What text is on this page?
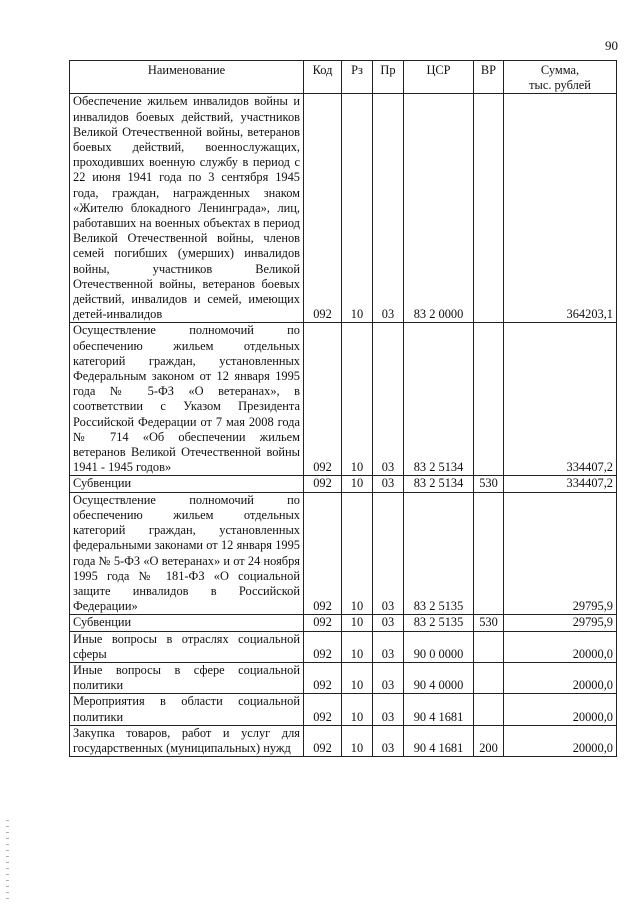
90
Наименование	Код	Рз	Пр	ЦСР	ВР	Сумма,
тыс. рублей
Обеспечение жильем инвалидов войны и инвалидов боевых действий, участников Великой Отечественной войны, ветеранов боевых действий, военнослужащих, проходивших военную службу в период с 22 июня 1941 года по 3 сентября 1945 года, граждан, награжденных знаком «Жителю блокадного Ленинграда», лиц, работавших на военных объектах в период Великой Отечественной войны, членов семей погибших (умерших) инвалидов войны, участников Великой Отечественной войны, ветеранов боевых действий, инвалидов и семей, имеющих детей-инвалидов	092	10	03	83 2 0000		364203,1
Осуществление полномочий по обеспечению жильем отдельных категорий граждан, установленных Федеральным законом от 12 января 1995 года № 5-ФЗ «О ветеранах», в соответствии с Указом Президента Российской Федерации от 7 мая 2008 года № 714 «Об обеспечении жильем ветеранов Великой Отечественной войны 1941 - 1945 годов»	092	10	03	83 2 5134		334407,2
Субвенции	092	10	03	83 2 5134	530	334407,2
Осуществление полномочий по обеспечению жильем отдельных категорий граждан, установленных федеральными законами от 12 января 1995 года № 5-ФЗ «О ветеранах» и от 24 ноября 1995 года № 181-ФЗ «О социальной защите инвалидов в Российской Федерации»	092	10	03	83 2 5135		29795,9
Субвенции	092	10	03	83 2 5135	530	29795,9
Иные вопросы в отраслях социальной сферы	092	10	03	90 0 0000		20000,0
Иные вопросы в сфере социальной политики	092	10	03	90 4 0000		20000,0
Мероприятия в области социальной политики	092	10	03	90 4 1681		20000,0
Закупка товаров, работ и услуг для государственных (муниципальных) нужд	092	10	03	90 4 1681	200	20000,0
